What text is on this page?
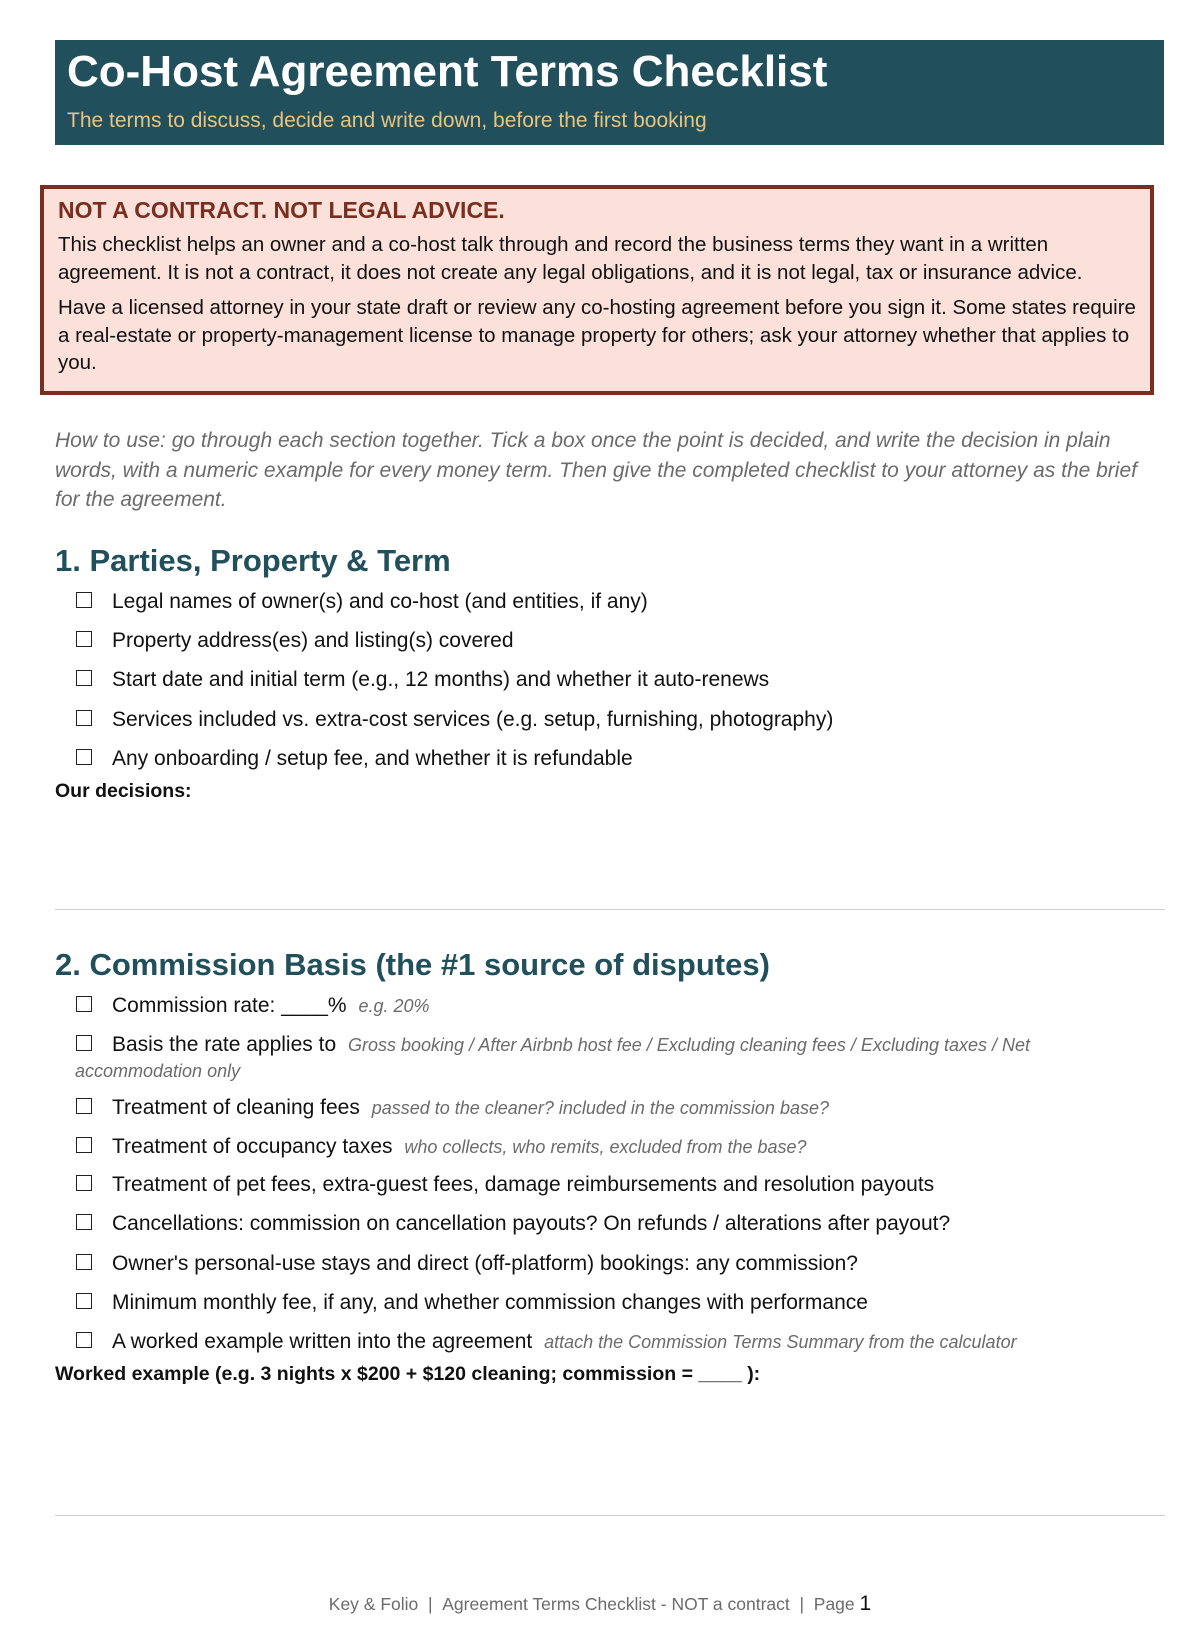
Co-Host Agreement Terms Checklist
The terms to discuss, decide and write down, before the first booking
NOT A CONTRACT. NOT LEGAL ADVICE.

This checklist helps an owner and a co-host talk through and record the business terms they want in a written agreement. It is not a contract, it does not create any legal obligations, and it is not legal, tax or insurance advice.

Have a licensed attorney in your state draft or review any co-hosting agreement before you sign it. Some states require a real-estate or property-management license to manage property for others; ask your attorney whether that applies to you.

How to use: go through each section together. Tick a box once the point is decided, and write the decision in plain words, with a numeric example for every money term. Then give the completed checklist to your attorney as the brief for the agreement.
1. Parties, Property & Term
Legal names of owner(s) and co-host (and entities, if any)
Property address(es) and listing(s) covered
Start date and initial term (e.g., 12 months) and whether it auto-renews
Services included vs. extra-cost services (e.g. setup, furnishing, photography)
Any onboarding / setup fee, and whether it is refundable
Our decisions:
2. Commission Basis (the #1 source of disputes)
Commission rate: ____% e.g. 20%
Basis the rate applies to Gross booking / After Airbnb host fee / Excluding cleaning fees / Excluding taxes / Net
accommodation only
Treatment of cleaning fees passed to the cleaner? included in the commission base?
Treatment of occupancy taxes who collects, who remits, excluded from the base?
Treatment of pet fees, extra-guest fees, damage reimbursements and resolution payouts
Cancellations: commission on cancellation payouts? On refunds / alterations after payout?
Owner's personal-use stays and direct (off-platform) bookings: any commission?
Minimum monthly fee, if any, and whether commission changes with performance
A worked example written into the agreement attach the Commission Terms Summary from the calculator
Worked example (e.g. 3 nights x $200 + $120 cleaning; commission = ____ ):
Key & Folio  |  Agreement Terms Checklist - NOT a contract  |  Page 1
